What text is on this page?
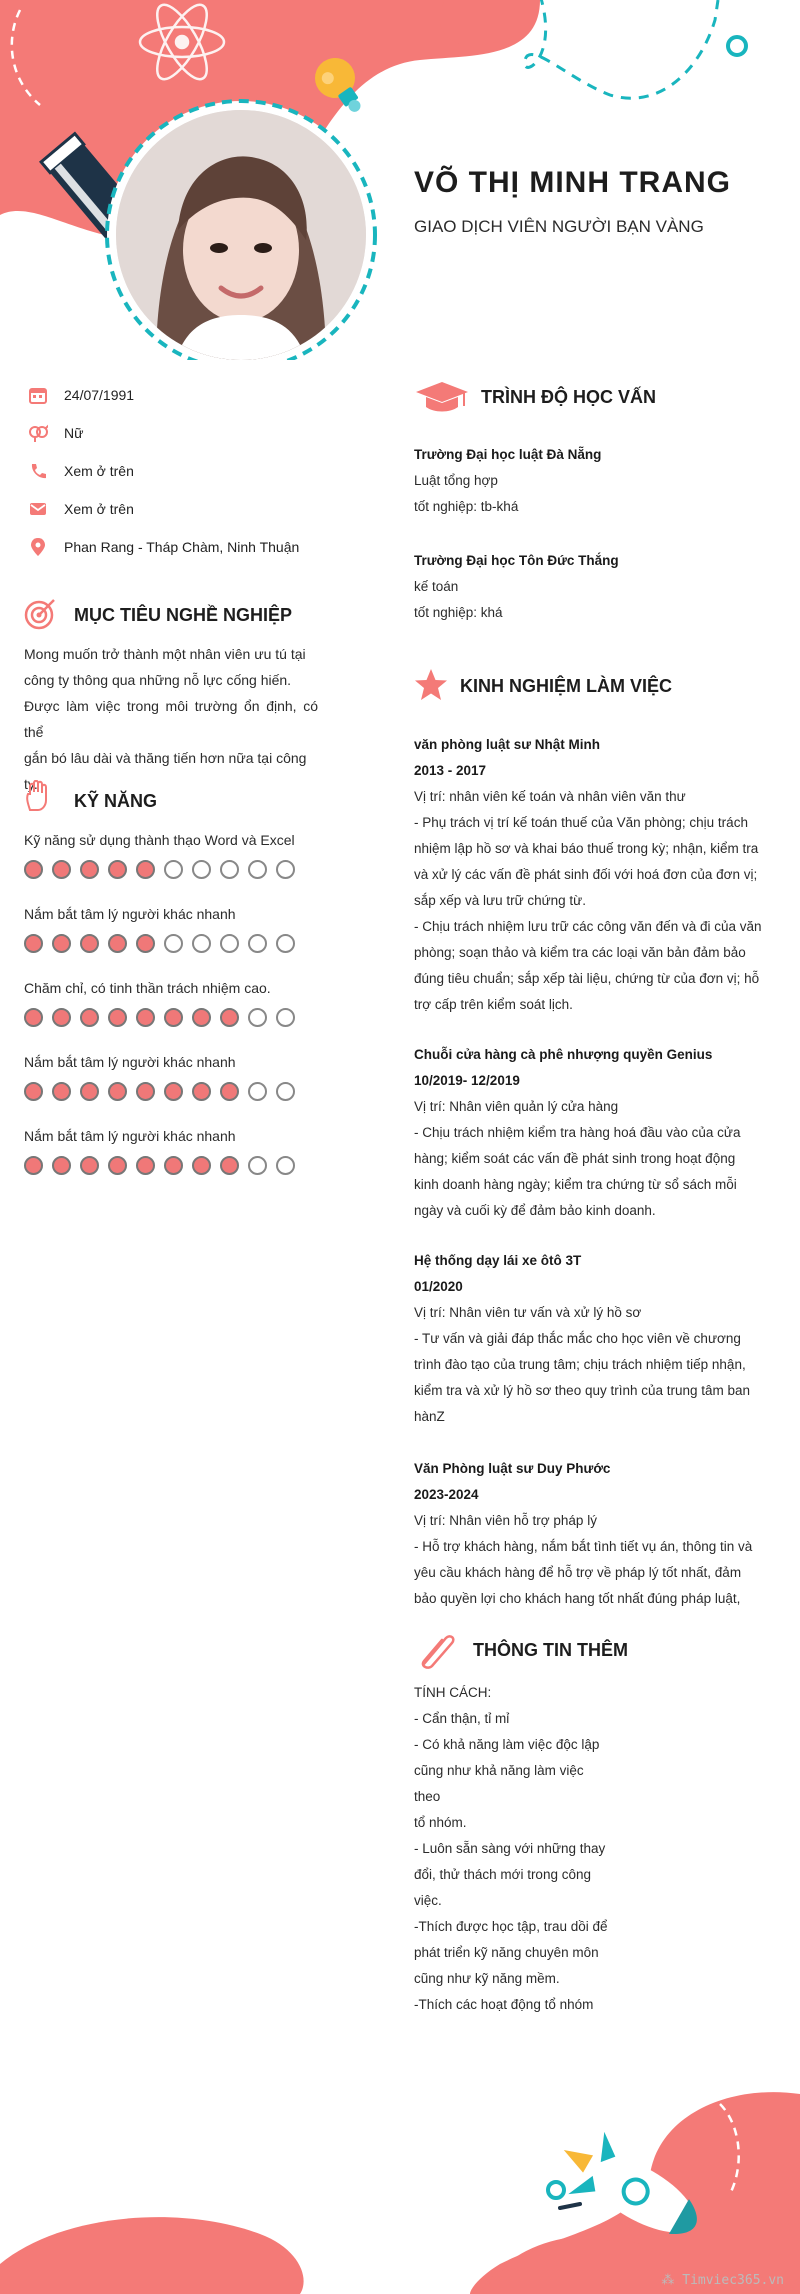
VÕ THỊ MINH TRANG
GIAO DỊCH VIÊN NGƯỜI BẠN VÀNG
24/07/1991
Nữ
Xem ở trên
Xem ở trên
Phan Rang - Tháp Chàm, Ninh Thuận
MỤC TIÊU NGHỀ NGHIỆP
Mong muốn trở thành một nhân viên ưu tú tại
công ty thông qua những nỗ lực cống hiến.
Được làm việc trong môi trường ổn định, có thể
gắn bó lâu dài và thăng tiến hơn nữa tại công
ty.
KỸ NĂNG
Kỹ năng sử dụng thành thạo Word và Excel
Nắm bắt tâm lý người khác nhanh
Chăm chỉ, có tinh thần trách nhiệm cao.
Nắm bắt tâm lý người khác nhanh
Nắm bắt tâm lý người khác nhanh
TRÌNH ĐỘ HỌC VẤN
Trường Đại học luật Đà Nẵng
Luật tổng hợp
tốt nghiệp: tb-khá
Trường Đại học Tôn Đức Thắng
kế toán
tốt nghiệp: khá
KINH NGHIỆM LÀM VIỆC
văn phòng luật sư Nhật Minh
2013 - 2017
Vị trí: nhân viên kế toán và nhân viên văn thư
- Phụ trách vị trí kế toán thuế của Văn phòng; chịu trách
nhiệm lập hồ sơ và khai báo thuế trong kỳ; nhận, kiểm tra
và xử lý các vấn đề phát sinh đối với hoá đơn của đơn vị;
sắp xếp và lưu trữ chứng từ.
- Chịu trách nhiệm lưu trữ các công văn đến và đi của văn
phòng; soạn thảo và kiểm tra các loại văn bản đảm bảo
đúng tiêu chuẩn; sắp xếp tài liệu, chứng từ của đơn vị; hỗ
trợ cấp trên kiểm soát lịch.
Chuỗi cửa hàng cà phê nhượng quyền Genius
10/2019- 12/2019
Vị trí: Nhân viên quản lý cửa hàng
- Chịu trách nhiệm kiểm tra hàng hoá đầu vào của cửa
hàng; kiểm soát các vấn đề phát sinh trong hoạt động
kinh doanh hàng ngày; kiểm tra chứng từ sổ sách mỗi
ngày và cuối kỳ để đảm bảo kinh doanh.
Hệ thống dạy lái xe ôtô 3T
01/2020
Vị trí: Nhân viên tư vấn và xử lý hồ sơ
- Tư vấn và giải đáp thắc mắc cho học viên về chương
trình đào tạo của trung tâm; chịu trách nhiệm tiếp nhận,
kiểm tra và xử lý hồ sơ theo quy trình của trung tâm ban
hànZ
Văn Phòng luật sư Duy Phước
2023-2024
Vị trí: Nhân viên hỗ trợ pháp lý
- Hỗ trợ khách hàng, nắm bắt tình tiết vụ án, thông tin và
yêu cầu khách hàng để hỗ trợ về pháp lý tốt nhất, đảm
bảo quyền lợi cho khách hang tốt nhất đúng pháp luật,
THÔNG TIN THÊM
TÍNH CÁCH:
- Cẩn thận, tỉ mỉ
- Có khả năng làm việc độc lập
cũng như khả năng làm việc
theo
tổ nhóm.
- Luôn sẵn sàng với những thay
đổi, thử thách mới trong công
việc.
-Thích được học tập, trau dồi để
phát triển kỹ năng chuyên môn
cũng như kỹ năng mềm.
-Thích các hoạt động tổ nhóm
⁂ Timviec365.vn
